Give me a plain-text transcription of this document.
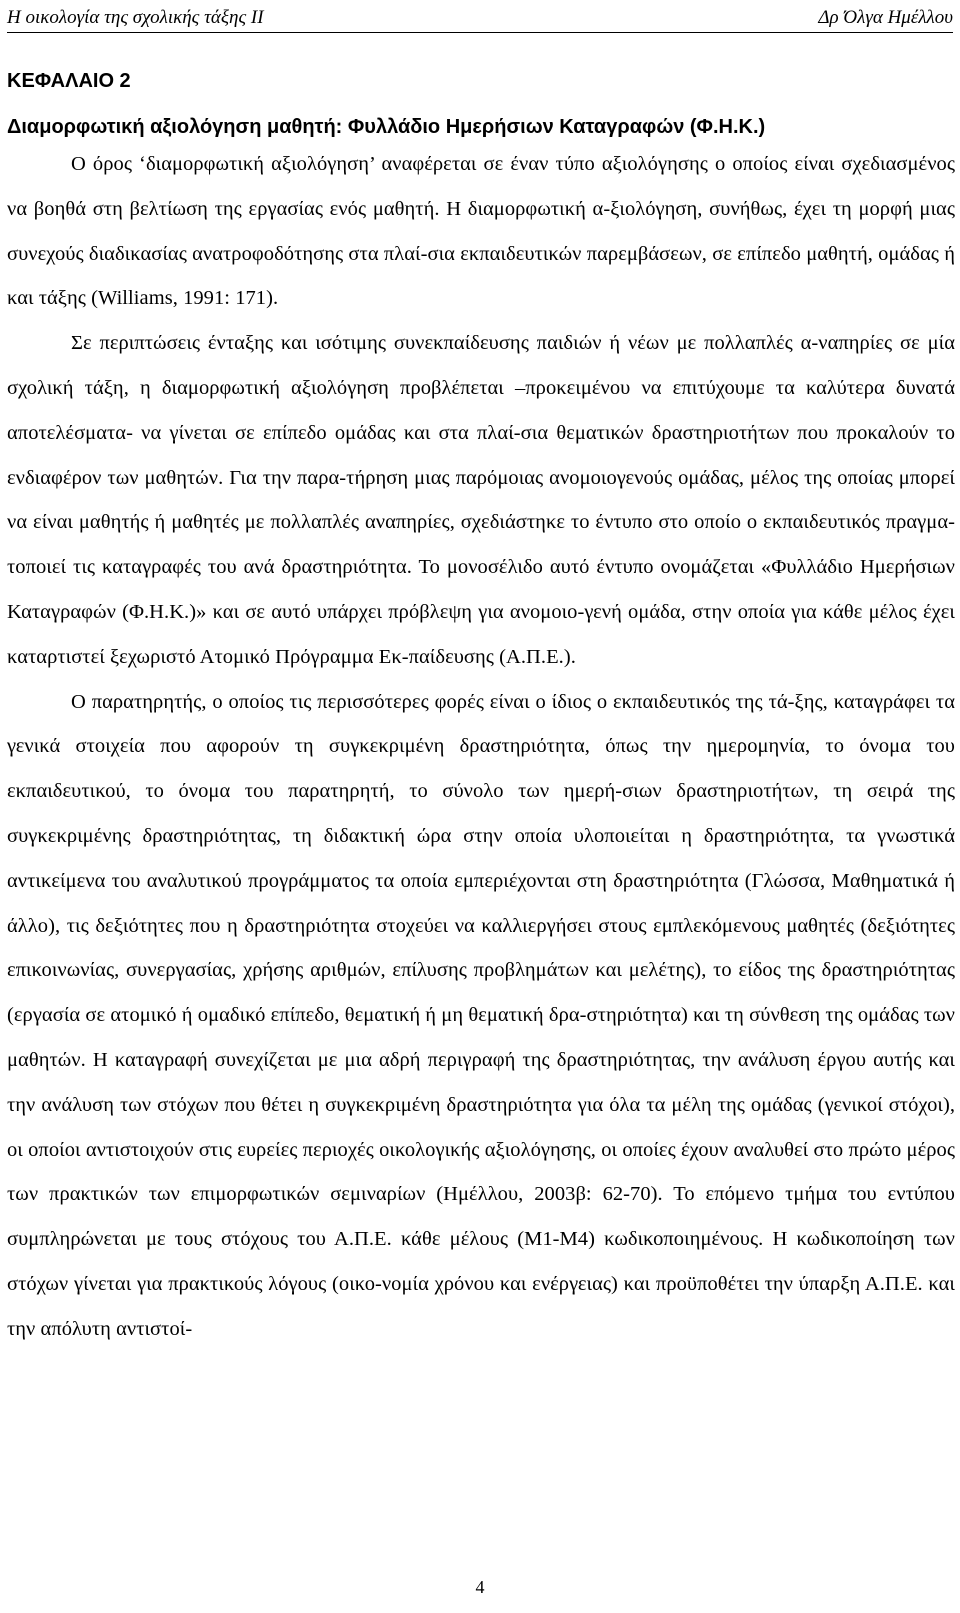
Η οικολογία της σχολικής τάξης ΙΙ	Δρ Όλγα Ημέλλου
ΚΕΦΑΛΑΙΟ 2
Διαμορφωτική αξιολόγηση μαθητή: Φυλλάδιο Ημερήσιων Καταγραφών (Φ.Η.Κ.)

Ο όρος ‘διαμορφωτική αξιολόγηση’ αναφέρεται σε έναν τύπο αξιολόγησης ο οποίος είναι σχεδιασμένος να βοηθά στη βελτίωση της εργασίας ενός μαθητή. Η διαμορφωτική α-ξιολόγηση, συνήθως, έχει τη μορφή μιας συνεχούς διαδικασίας ανατροφοδότησης στα πλαί-σια εκπαιδευτικών παρεμβάσεων, σε επίπεδο μαθητή, ομάδας ή και τάξης (Williams, 1991: 171).

Σε περιπτώσεις ένταξης και ισότιμης συνεκπαίδευσης παιδιών ή νέων με πολλαπλές α-ναπηρίες σε μία σχολική τάξη, η διαμορφωτική αξιολόγηση προβλέπεται –προκειμένου να επιτύχουμε τα καλύτερα δυνατά αποτελέσματα- να γίνεται σε επίπεδο ομάδας και στα πλαί-σια θεματικών δραστηριοτήτων που προκαλούν το ενδιαφέρον των μαθητών. Για την παρα-τήρηση μιας παρόμοιας ανομοιογενούς ομάδας, μέλος της οποίας μπορεί να είναι μαθητής ή μαθητές με πολλαπλές αναπηρίες, σχεδιάστηκε το έντυπο στο οποίο ο εκπαιδευτικός πραγμα-τοποιεί τις καταγραφές του ανά δραστηριότητα. Το μονοσέλιδο αυτό έντυπο ονομάζεται «Φυλλάδιο Ημερήσιων Καταγραφών (Φ.Η.Κ.)» και σε αυτό υπάρχει πρόβλεψη για ανομοιο-γενή ομάδα, στην οποία για κάθε μέλος έχει καταρτιστεί ξεχωριστό Ατομικό Πρόγραμμα Εκ-παίδευσης (Α.Π.Ε.).

Ο παρατηρητής, ο οποίος τις περισσότερες φορές είναι ο ίδιος ο εκπαιδευτικός της τά-ξης, καταγράφει τα γενικά στοιχεία που αφορούν τη συγκεκριμένη δραστηριότητα, όπως την ημερομηνία, το όνομα του εκπαιδευτικού, το όνομα του παρατηρητή, το σύνολο των ημερή-σιων δραστηριοτήτων, τη σειρά της συγκεκριμένης δραστηριότητας, τη διδακτική ώρα στην οποία υλοποιείται η δραστηριότητα, τα γνωστικά αντικείμενα του αναλυτικού προγράμματος τα οποία εμπεριέχονται στη δραστηριότητα (Γλώσσα, Μαθηματικά ή άλλο), τις δεξιότητες που η δραστηριότητα στοχεύει να καλλιεργήσει στους εμπλεκόμενους μαθητές (δεξιότητες επικοινωνίας, συνεργασίας, χρήσης αριθμών, επίλυσης προβλημάτων και μελέτης), το είδος της δραστηριότητας (εργασία σε ατομικό ή ομαδικό επίπεδο, θεματική ή μη θεματική δρα-στηριότητα) και τη σύνθεση της ομάδας των μαθητών. Η καταγραφή συνεχίζεται με μια αδρή περιγραφή της δραστηριότητας, την ανάλυση έργου αυτής και την ανάλυση των στόχων που θέτει η συγκεκριμένη δραστηριότητα για όλα τα μέλη της ομάδας (γενικοί στόχοι), οι οποίοι αντιστοιχούν στις ευρείες περιοχές οικολογικής αξιολόγησης, οι οποίες έχουν αναλυθεί στο πρώτο μέρος των πρακτικών των επιμορφωτικών σεμιναρίων (Ημέλλου, 2003β: 62-70). Το επόμενο τμήμα του εντύπου συμπληρώνεται με τους στόχους του Α.Π.Ε. κάθε μέλους (Μ1-Μ4) κωδικοποιημένους. Η κωδικοποίηση των στόχων γίνεται για πρακτικούς λόγους (οικο-νομία χρόνου και ενέργειας) και προϋποθέτει την ύπαρξη Α.Π.Ε. και την απόλυτη αντιστοί-

4
